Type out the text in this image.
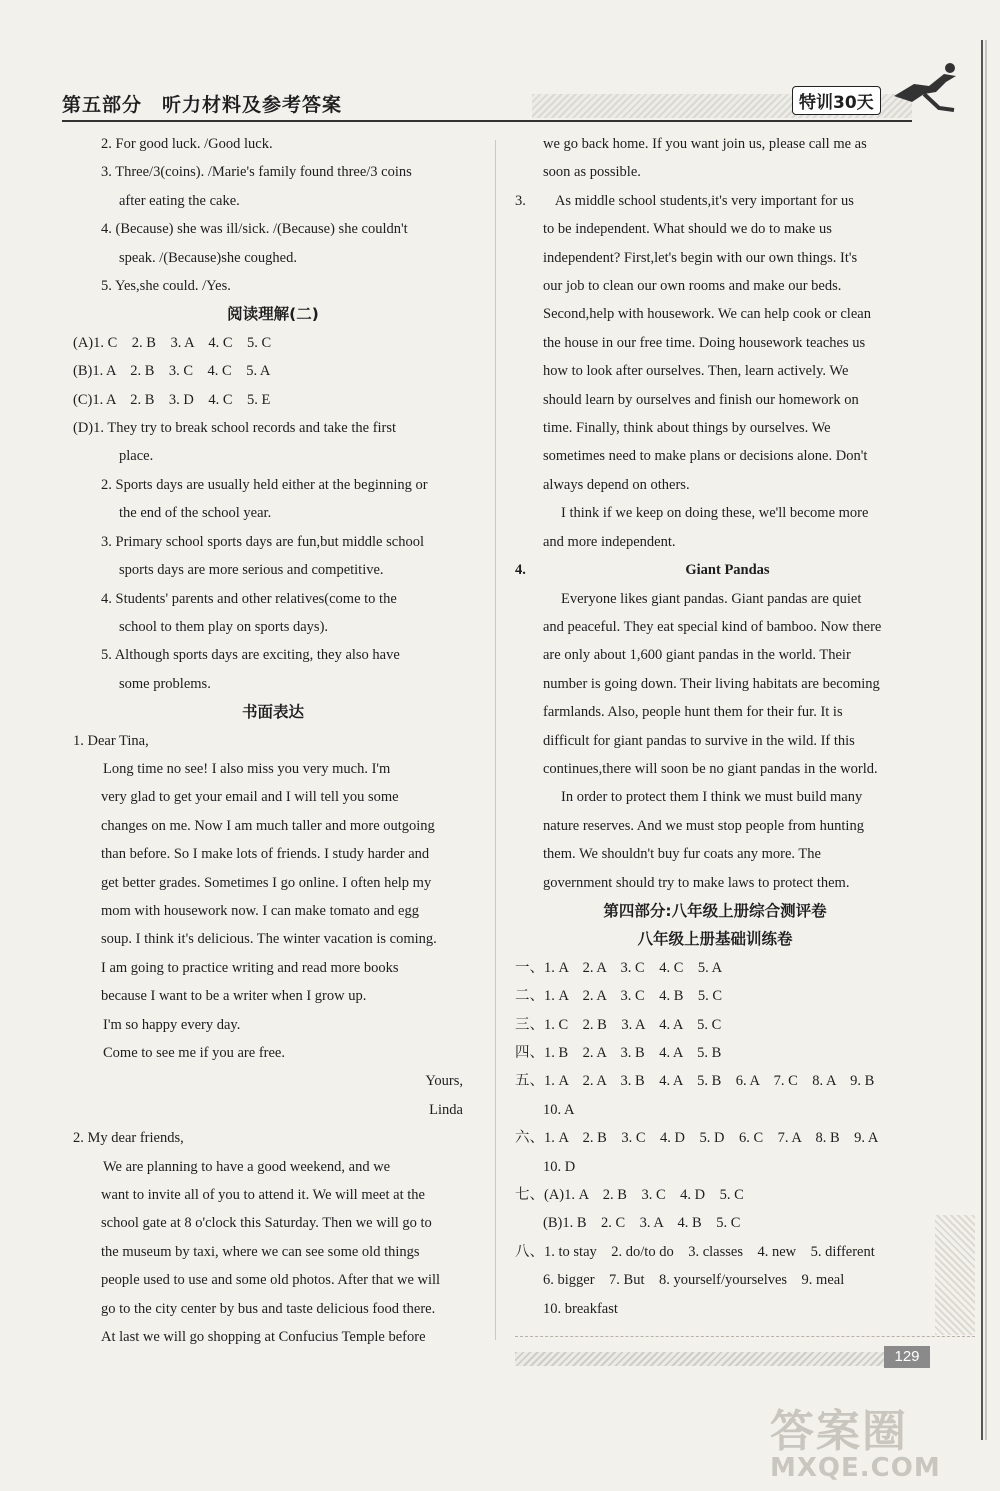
第五部分　听力材料及参考答案	特训30天
2. For good luck. /Good luck.
3. Three/3(coins). /Marie's family found three/3 coins
after eating the cake.
4. (Because) she was ill/sick. /(Because) she couldn't
speak. /(Because)she coughed.
5. Yes,she could. /Yes.
阅读理解(二)
(A)1. C　2. B　3. A　4. C　5. C
(B)1. A　2. B　3. C　4. C　5. A
(C)1. A　2. B　3. D　4. C　5. E
(D)1. They try to break school records and take the first
place.
2. Sports days are usually held either at the beginning or
the end of the school year.
3. Primary school sports days are fun,but middle school
sports days are more serious and competitive.
4. Students' parents and other relatives(come to the
school to them play on sports days).
5. Although sports days are exciting, they also have
some problems.
书面表达
1. Dear Tina,
Long time no see! I also miss you very much. I'm
very glad to get your email and I will tell you some
changes on me. Now I am much taller and more outgoing
than before. So I make lots of friends. I study harder and
get better grades. Sometimes I go online. I often help my
mom with housework now. I can make tomato and egg
soup. I think it's delicious. The winter vacation is coming.
I am going to practice writing and read more books
because I want to be a writer when I grow up.
I'm so happy every day.
Come to see me if you are free.
Yours,
Linda
2. My dear friends,
We are planning to have a good weekend, and we
want to invite all of you to attend it. We will meet at the
school gate at 8 o'clock this Saturday. Then we will go to
the museum by taxi, where we can see some old things
people used to use and some old photos. After that we will
go to the city center by bus and taste delicious food there.
At last we will go shopping at Confucius Temple before
we go back home. If you want join us, please call me as
soon as possible.
3.　　As middle school students,it's very important for us
to be independent. What should we do to make us
independent? First,let's begin with our own things. It's
our job to clean our own rooms and make our beds.
Second,help with housework. We can help cook or clean
the house in our free time. Doing housework teaches us
how to look after ourselves. Then, learn actively. We
should learn by ourselves and finish our homework on
time. Finally, think about things by ourselves. We
sometimes need to make plans or decisions alone. Don't
always depend on others.
I think if we keep on doing these, we'll become more
and more independent.
4.　　　　　　　　　　　Giant Pandas
Everyone likes giant pandas. Giant pandas are quiet
and peaceful. They eat special kind of bamboo. Now there
are only about 1,600 giant pandas in the world. Their
number is going down. Their living habitats are becoming
farmlands. Also, people hunt them for their fur. It is
difficult for giant pandas to survive in the wild. If this
continues,there will soon be no giant pandas in the world.
In order to protect them I think we must build many
nature reserves. And we must stop people from hunting
them. We shouldn't buy fur coats any more. The
government should try to make laws to protect them.
第四部分:八年级上册综合测评卷
八年级上册基础训练卷
一、1. A　2. A　3. C　4. C　5. A
二、1. A　2. A　3. C　4. B　5. C
三、1. C　2. B　3. A　4. A　5. C
四、1. B　2. A　3. B　4. A　5. B
五、1. A　2. A　3. B　4. A　5. B　6. A　7. C　8. A　9. B
10. A
六、1. A　2. B　3. C　4. D　5. D　6. C　7. A　8. B　9. A
10. D
七、(A)1. A　2. B　3. C　4. D　5. C
(B)1. B　2. C　3. A　4. B　5. C
八、1. to stay　2. do/to do　3. classes　4. new　5. different
6. bigger　7. But　8. yourself/yourselves　9. meal
10. breakfast
129
答案圈
MXQE.COM
